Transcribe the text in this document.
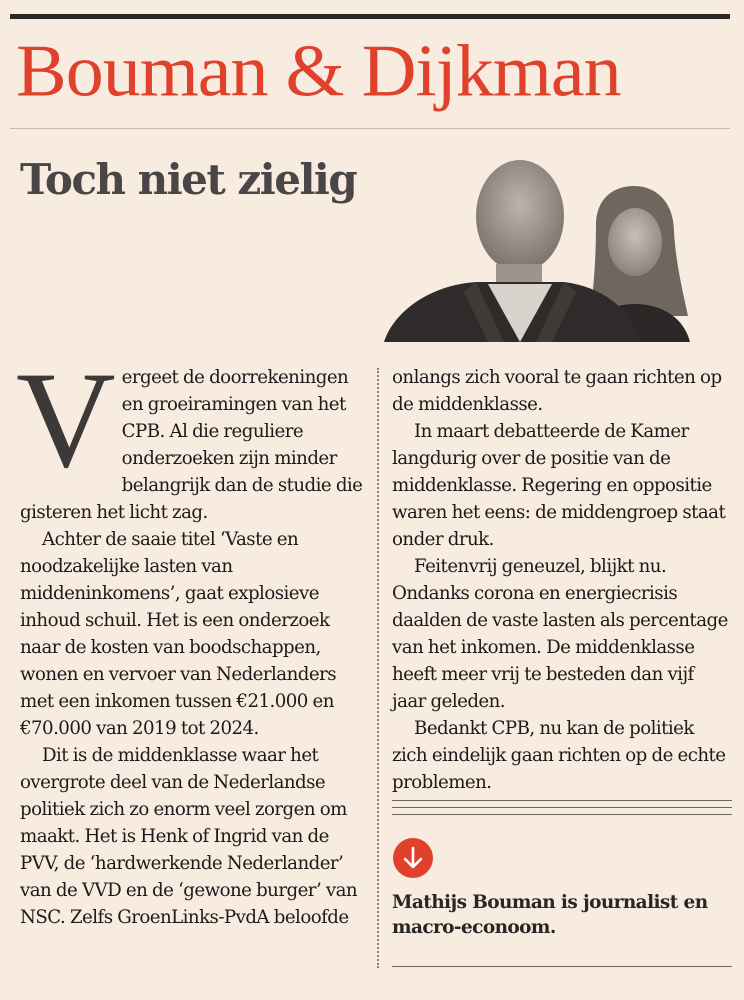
Bouman & Dijkman
Toch niet zielig
V ergeet de doorrekeningen en groeiramingen van het CPB. Al die reguliere onderzoeken zijn minder belangrijk dan de studie die gisteren het licht zag.

Achter de saaie titel ‘Vaste en noodzakelijke lasten van middeninkomens’, gaat explosieve inhoud schuil. Het is een onderzoek naar de kosten van boodschappen, wonen en vervoer van Nederlanders met een inkomen tussen €21.000 en €70.000 van 2019 tot 2024.

Dit is de middenklasse waar het overgrote deel van de Nederlandse politiek zich zo enorm veel zorgen om maakt. Het is Henk of Ingrid van de PVV, de ‘hardwerkende Nederlander’ van de VVD en de ‘gewone burger’ van NSC. Zelfs GroenLinks-PvdA beloofde

onlangs zich vooral te gaan richten op de middenklasse.

In maart debatteerde de Kamer langdurig over de positie van de middenklasse. Regering en oppositie waren het eens: de middengroep staat onder druk.

Feitenvrij geneuzel, blijkt nu. Ondanks corona en energiecrisis daalden de vaste lasten als percentage van het inkomen. De middenklasse heeft meer vrij te besteden dan vijf jaar geleden.

Bedankt CPB, nu kan de politiek zich eindelijk gaan richten op de echte problemen.

Mathijs Bouman is journalist en macro-econoom.
